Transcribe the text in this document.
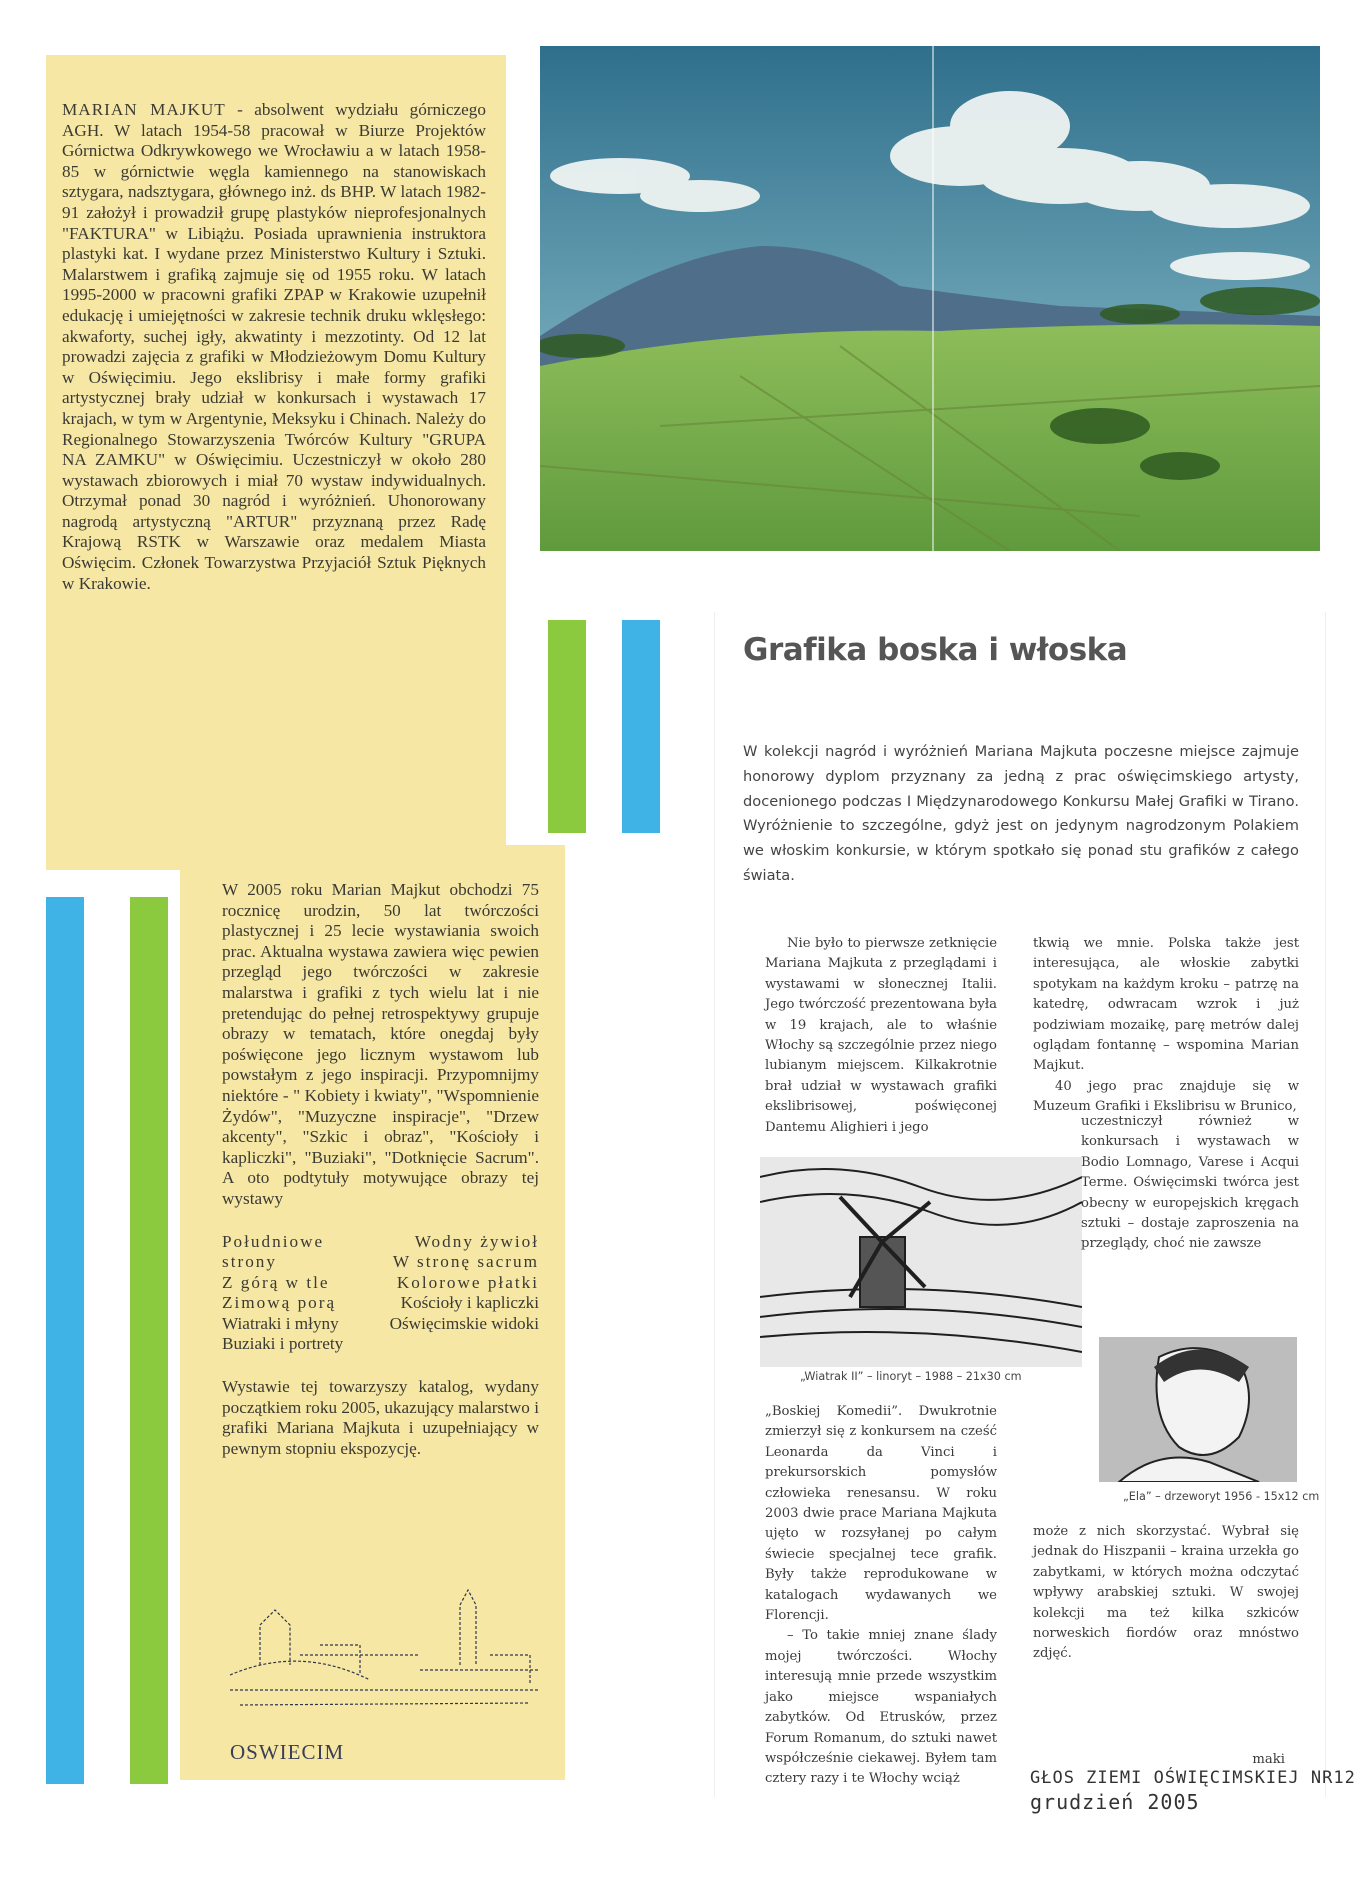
MARIAN MAJKUT - absolwent wydziału górniczego AGH. W latach 1954-58 pracował w Biurze Projektów Górnictwa Odkrywkowego we Wrocławiu a w latach 1958-85 w górnictwie węgla kamiennego na stanowiskach sztygara, nadsztygara, głównego inż. ds BHP. W latach 1982-91 założył i prowadził grupę plastyków nieprofesjonalnych "FAKTURA" w Libiążu. Posiada uprawnienia instruktora plastyki kat. I wydane przez Ministerstwo Kultury i Sztuki. Malarstwem i grafiką zajmuje się od 1955 roku. W latach 1995-2000 w pracowni grafiki ZPAP w Krakowie uzupełnił edukację i umiejętności w zakresie technik druku wklęsłego: akwaforty, suchej igły, akwatinty i mezzotinty. Od 12 lat prowadzi zajęcia z grafiki w Młodzieżowym Domu Kultury w Oświęcimiu. Jego ekslibrisy i małe formy grafiki artystycznej brały udział w konkursach i wystawach 17 krajach, w tym w Argentynie, Meksyku i Chinach. Należy do Regionalnego Stowarzyszenia Twórców Kultury "GRUPA NA ZAMKU" w Oświęcimiu. Uczestniczył w około 280 wystawach zbiorowych i miał 70 wystaw indywidualnych. Otrzymał ponad 30 nagród i wyróżnień. Uhonorowany nagrodą artystyczną "ARTUR" przyznaną przez Radę Krajową RSTK w Warszawie oraz medalem Miasta Oświęcim. Członek Towarzystwa Przyjaciół Sztuk Pięknych w Krakowie.

W 2005 roku Marian Majkut obchodzi 75 rocznicę urodzin, 50 lat twórczości plastycznej i 25 lecie wystawiania swoich prac. Aktualna wystawa zawiera więc pewien przegląd jego twórczości w zakresie malarstwa i grafiki z tych wielu lat i nie pretendując do pełnej retrospektywy grupuje obrazy w tematach, które onegdaj były poświęcone jego licznym wystawom lub powstałym z jego inspiracji. Przypomnijmy niektóre - " Kobiety i kwiaty", "Wspomnienie Żydów", "Muzyczne inspiracje", "Drzew akcenty", "Szkic i obraz", "Kościoły i kapliczki", "Buziaki", "Dotknięcie Sacrum". A oto podtytuły motywujące obrazy tej wystawy

Południowe strony
Z górą w tle
Zimową porą
Wiatraki i młyny
Buziaki i portrety
Wodny żywioł
W stronę sacrum
Kolorowe płatki
Kościoły i kapliczki
Oświęcimskie widoki

Wystawie tej towarzyszy katalog, wydany początkiem roku 2005, ukazujący malarstwo i grafiki Mariana Majkuta i uzupełniający w pewnym stopniu ekspozycję.

OSWIECIM
Grafika boska i włoska
W kolekcji nagród i wyróżnień Mariana Majkuta poczesne miejsce zajmuje honorowy dyplom przyznany za jedną z prac oświęcimskiego artysty, docenionego podczas I Międzynarodowego Konkursu Małej Grafiki w Tirano. Wyróżnienie to szczególne, gdyż jest on jedynym nagrodzonym Polakiem we włoskim konkursie, w którym spotkało się ponad stu grafików z całego świata.

Nie było to pierwsze zetknięcie Mariana Majkuta z przeglądami i wystawami w słonecznej Italii. Jego twórczość prezentowana była w 19 krajach, ale to właśnie Włochy są szczególnie przez niego lubianym miejscem. Kilkakrotnie brał udział w wystawach grafiki ekslibrisowej, poświęconej Dantemu Alighieri i jego

tkwią we mnie. Polska także jest interesująca, ale włoskie zabytki spotykam na każdym kroku – patrzę na katedrę, odwracam wzrok i już podziwiam mozaikę, parę metrów dalej oglądam fontannę – wspomina Marian Majkut.

40 jego prac znajduje się w Muzeum Grafiki i Ekslibrisu w Brunico,

„Wiatrak II” – linoryt – 1988 – 21x30 cm

uczestniczył również w konkursach i wystawach w Bodio Lomnago, Varese i Acqui Terme. Oświęcimski twórca jest obecny w europejskich kręgach sztuki – dostaje zaproszenia na przeglądy, choć nie zawsze

„Ela” – drzeworyt 1956 - 15x12 cm

„Boskiej Komedii”. Dwukrotnie zmierzył się z konkursem na cześć Leonarda da Vinci i prekursorskich pomysłów człowieka renesansu. W roku 2003 dwie prace Mariana Majkuta ujęto w rozsyłanej po całym świecie specjalnej tece grafik. Były także reprodukowane w katalogach wydawanych we Florencji.

– To takie mniej znane ślady mojej twórczości. Włochy interesują mnie przede wszystkim jako miejsce wspaniałych zabytków. Od Etrusków, przez Forum Romanum, do sztuki nawet współcześnie ciekawej. Byłem tam cztery razy i te Włochy wciąż

może z nich skorzystać. Wybrał się jednak do Hiszpanii – kraina urzekła go zabytkami, w których można odczytać wpływy arabskiej sztuki. W swojej kolekcji ma też kilka szkiców norweskich fiordów oraz mnóstwo zdjęć.

maki
GŁOS ZIEMI OŚWIĘCIMSKIEJ NR12
grudzień 2005
